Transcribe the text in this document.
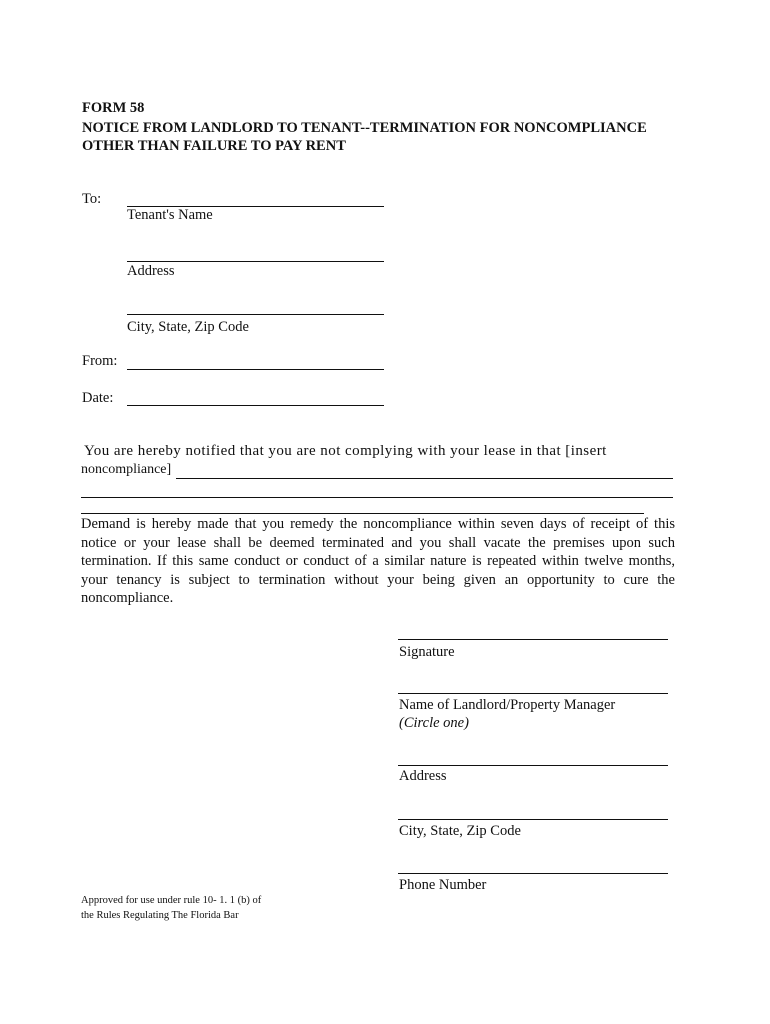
FORM 58
NOTICE FROM LANDLORD TO TENANT--TERMINATION FOR NONCOMPLIANCE
OTHER THAN FAILURE TO PAY RENT
To:
Tenant's Name
Address
City, State, Zip Code
From:
Date:
You are hereby notified that you are not complying with your lease in that [insert
noncompliance]
Demand is hereby made that you remedy the noncompliance within seven days of receipt of this
notice or your lease shall be deemed terminated and you shall vacate the premises upon such
termination. If this same conduct or conduct of a similar nature is repeated within twelve months,
your tenancy is subject to termination without your being given an opportunity to cure the
noncompliance.
Signature
Name of Landlord/Property Manager
(Circle one)
Address
City, State, Zip Code
Phone Number
Approved for use under rule 10- 1. 1 (b) of
the Rules Regulating The Florida Bar
